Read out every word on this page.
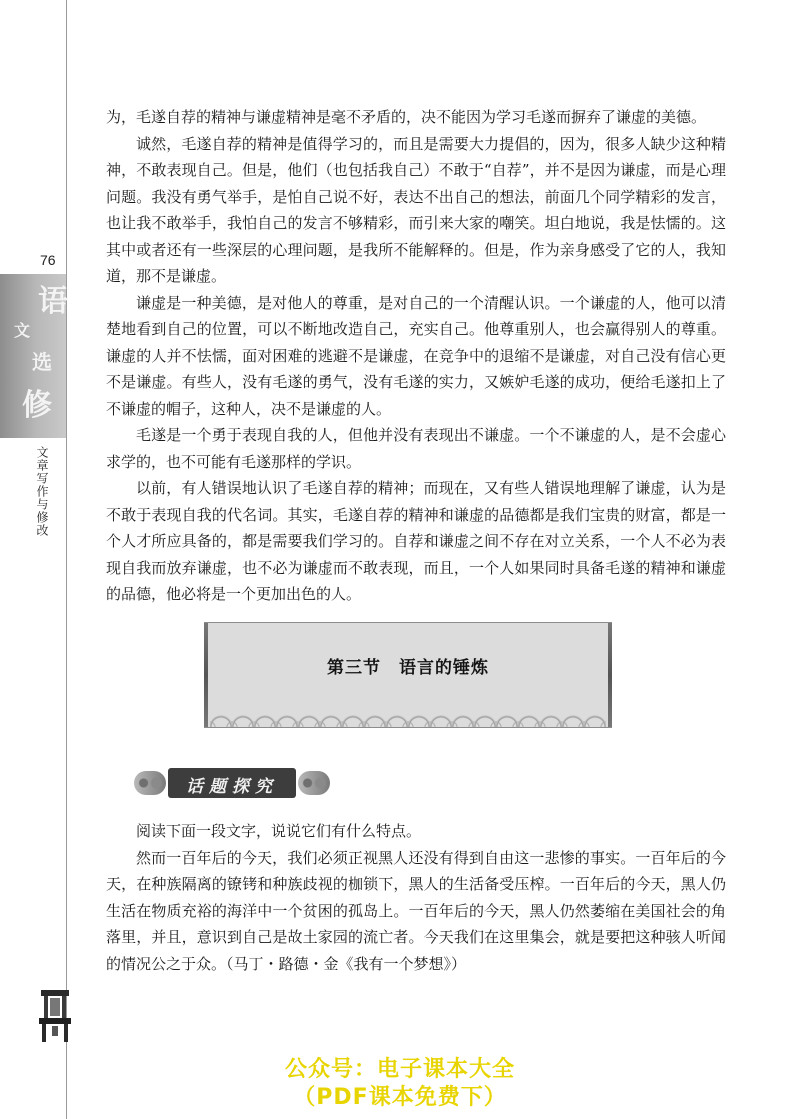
76
语
文
选
修
文章写作与修改

为，毛遂自荐的精神与谦虚精神是毫不矛盾的，决不能因为学习毛遂而摒弃了谦虚的美德。

诚然，毛遂自荐的精神是值得学习的，而且是需要大力提倡的，因为，很多人缺少这种精神，不敢表现自己。但是，他们（也包括我自己）不敢于“自荐”，并不是因为谦虚，而是心理问题。我没有勇气举手，是怕自己说不好，表达不出自己的想法，前面几个同学精彩的发言，也让我不敢举手，我怕自己的发言不够精彩，而引来大家的嘲笑。坦白地说，我是怯懦的。这其中或者还有一些深层的心理问题，是我所不能解释的。但是，作为亲身感受了它的人，我知道，那不是谦虚。

谦虚是一种美德，是对他人的尊重，是对自己的一个清醒认识。一个谦虚的人，他可以清楚地看到自己的位置，可以不断地改造自己，充实自己。他尊重别人，也会赢得别人的尊重。谦虚的人并不怯懦，面对困难的逃避不是谦虚，在竞争中的退缩不是谦虚，对自己没有信心更不是谦虚。有些人，没有毛遂的勇气，没有毛遂的实力，又嫉妒毛遂的成功，便给毛遂扣上了不谦虚的帽子，这种人，决不是谦虚的人。

毛遂是一个勇于表现自我的人，但他并没有表现出不谦虚。一个不谦虚的人，是不会虚心求学的，也不可能有毛遂那样的学识。

以前，有人错误地认识了毛遂自荐的精神；而现在，又有些人错误地理解了谦虚，认为是不敢于表现自我的代名词。其实，毛遂自荐的精神和谦虚的品德都是我们宝贵的财富，都是一个人才所应具备的，都是需要我们学习的。自荐和谦虚之间不存在对立关系，一个人不必为表现自我而放弃谦虚，也不必为谦虚而不敢表现，而且，一个人如果同时具备毛遂的精神和谦虚的品德，他必将是一个更加出色的人。

第三节　语言的锤炼
话题探究

阅读下面一段文字，说说它们有什么特点。

然而一百年后的今天，我们必须正视黑人还没有得到自由这一悲惨的事实。一百年后的今天，在种族隔离的镣铐和种族歧视的枷锁下，黑人的生活备受压榨。一百年后的今天，黑人仍生活在物质充裕的海洋中一个贫困的孤岛上。一百年后的今天，黑人仍然萎缩在美国社会的角落里，并且，意识到自己是故土家园的流亡者。今天我们在这里集会，就是要把这种骇人听闻的情况公之于众。（马丁・路德・金《我有一个梦想》）

公众号：电子课本大全
（PDF课本免费下）
